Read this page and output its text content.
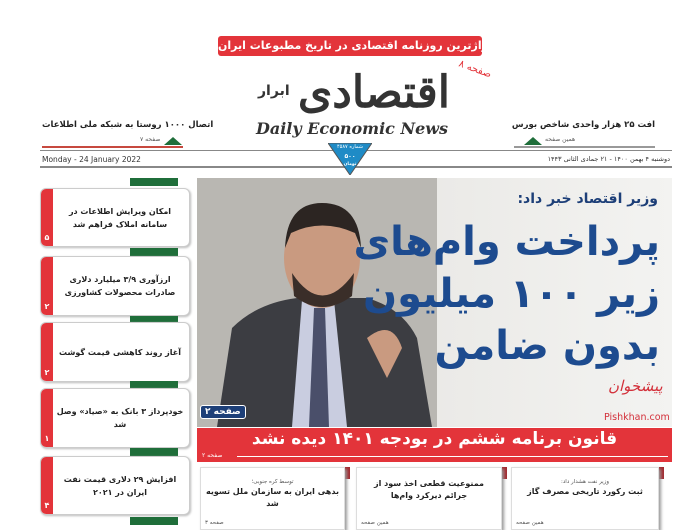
پرتیراژترین روزنامه اقتصادی در تاریخ مطبوعات ایران
اقتصادی
ابرار
Daily Economic News
۸ صفحه
اتصال ۱۰۰۰ روستا به شبکه ملی اطلاعات
صفحه ۷
افت ۲۵ هزار واحدی شاخص بورس
همین صفحه
Monday - 24 January 2022	دوشنبه ۴ بهمن ۱۴۰۰ - ۲۱ جمادی الثانی ۱۴۴۳
شماره ۴۵۸۷
۵۰۰
تومان
۵
امکان ویرایش اطلاعات در سامانه املاک فراهم شد
۲
ارزآوری ۳/۹ میلیارد دلاری صادرات محصولات کشاورزی
۲
آغاز روند کاهشی قیمت گوشت
۱
خودپرداز ۳ بانک به «صیاد» وصل شد
۴
افزایش ۲۹ دلاری قیمت نفت ایران در ۲۰۲۱
وزیر اقتصاد خبر داد:
پرداخت وام‌های
زیر ۱۰۰ میلیون
بدون ضامن
صفحه ۲
پیشخوان
Pishkhan.com
قانون برنامه ششم در بودجه ۱۴۰۱ دیده نشد
صفحه ۲
وزیر نفت هشدار داد:
ثبت رکورد تاریخی مصرف گاز
همین صفحه
ممنوعیت قطعی اخذ سود از جرائم دیرکرد وام‌ها
همین صفحه
توسط کره جنوبی؛
بدهی ایران به سازمان ملل تسویه شد
صفحه ۳
